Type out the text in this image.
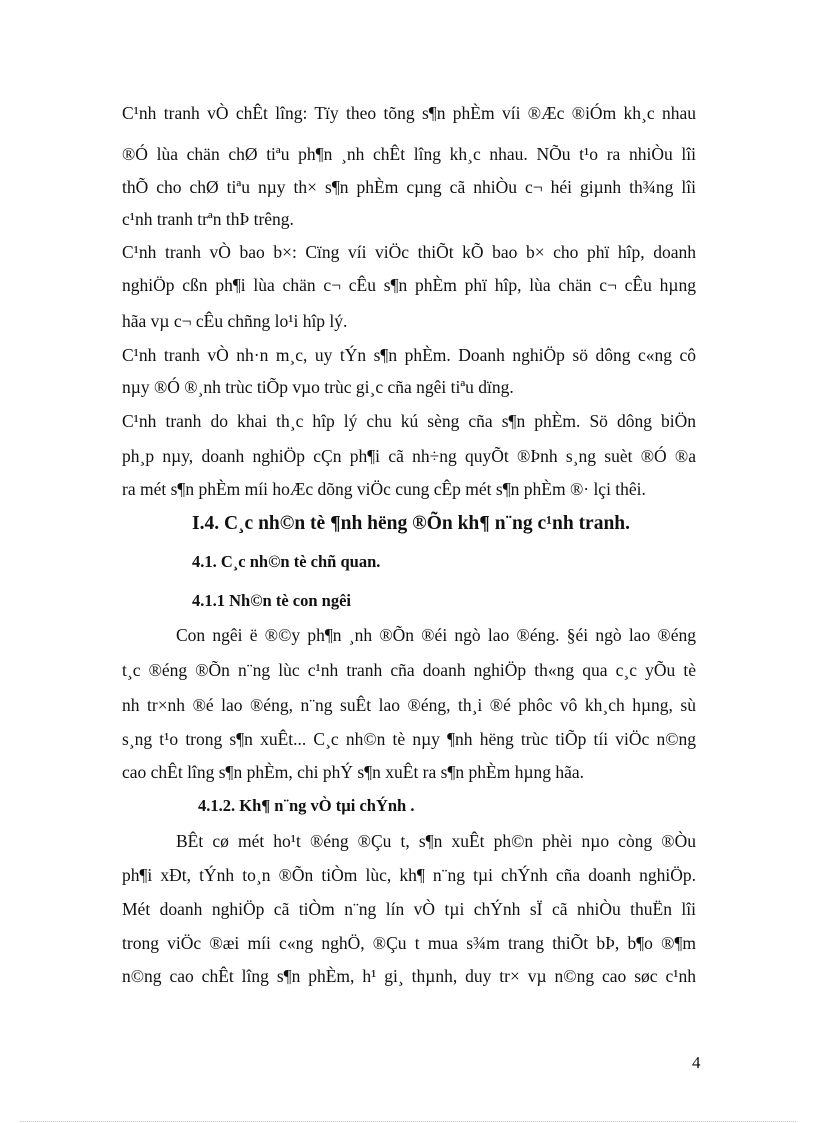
C¹nh tranh vÒ chÊt lîng: Tïy theo tõng s¶n phÈm víi ®Æc ®iÓm kh¸c nhau
®Ó lùa chän chØ tiªu ph¶n ¸nh chÊt lîng kh¸c nhau. NÕu t¹o ra nhiÒu lîi
thÕ cho chØ tiªu nµy th× s¶n phÈm cµng cã nhiÒu c¬ héi giµnh th¾ng lîi
c¹nh tranh trªn thÞ trêng.
C¹nh tranh vÒ bao b×: Cïng víi viÖc thiÕt kÕ bao b× cho phï hîp, doanh
nghiÖp cßn ph¶i lùa chän c¬ cÊu s¶n phÈm phï hîp, lùa chän c¬ cÊu hµng
hãa vµ c¬ cÊu chñng lo¹i hîp lý.
C¹nh tranh vÒ nh·n m¸c, uy tÝn s¶n phÈm. Doanh nghiÖp sö dông c«ng cô
nµy ®Ó ®¸nh trùc tiÕp vµo trùc gi¸c cña ngêi tiªu dïng.
C¹nh tranh do khai th¸c hîp lý chu kú sèng cña s¶n phÈm. Sö dông biÖn
ph¸p nµy, doanh nghiÖp cÇn ph¶i cã nh÷ng quyÕt ®Þnh s¸ng suèt ®Ó ®a
ra mét s¶n phÈm míi hoÆc dõng viÖc cung cÊp mét s¶n phÈm ®· lçi thêi.
I.4. C¸c nh©n tè ¶nh hëng ®Õn kh¶ n¨ng c¹nh tranh.
4.1. C¸c nh©n tè chñ quan.
4.1.1 Nh©n tè con ngêi
Con ngêi ë ®©y ph¶n ¸nh ®Õn ®éi ngò lao ®éng. §éi ngò lao ®éng
t¸c ®éng ®Õn n¨ng lùc c¹nh tranh cña doanh nghiÖp th«ng qua c¸c yÕu tè
nh tr×nh ®é lao ®éng, n¨ng suÊt lao ®éng, th¸i ®é phôc vô kh¸ch hµng, sù
s¸ng t¹o trong s¶n xuÊt... C¸c nh©n tè nµy ¶nh hëng trùc tiÕp tíi viÖc n©ng
cao chÊt lîng s¶n phÈm, chi phÝ s¶n xuÊt ra s¶n phÈm hµng hãa.
4.1.2. Kh¶ n¨ng vÒ tµi chÝnh .
BÊt cø mét ho¹t ®éng ®Çu t, s¶n xuÊt ph©n phèi nµo còng ®Òu
ph¶i xÐt, tÝnh to¸n ®Õn tiÒm lùc, kh¶ n¨ng tµi chÝnh cña doanh nghiÖp.
Mét doanh nghiÖp cã tiÒm n¨ng lín vÒ tµi chÝnh sÏ cã nhiÒu thuËn lîi
trong viÖc ®æi míi c«ng nghÖ, ®Çu t mua s¾m trang thiÕt bÞ, b¶o ®¶m
n©ng cao chÊt lîng s¶n phÈm, h¹ gi¸ thµnh, duy tr× vµ n©ng cao søc c¹nh
4
